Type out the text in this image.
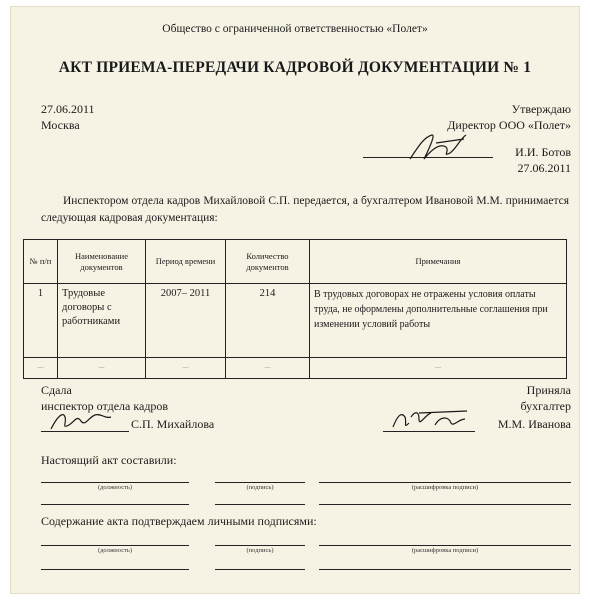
Общество с ограниченной ответственностью «Полет»
АКТ ПРИЕМА-ПЕРЕДАЧИ КАДРОВОЙ ДОКУМЕНТАЦИИ № 1
27.06.2011
Москва
Утверждаю
Директор ООО «Полет»
И.И. Ботов
27.06.2011
Инспектором отдела кадров Михайловой С.П. передается, а бухгалтером Ивановой М.М. принимается следующая кадровая документация:
№ п/п	Наименование документов	Период времени	Количество документов	Примечания
1	Трудовые договоры с работниками	2007– 2011	214	В трудовых договорах не отражены условия оплаты труда, не оформлены дополнительные соглашения при изменении условий работы
—	—	—	—	—
Сдала
инспектор отдела кадров
С.П. Михайлова
Приняла
бухгалтер
М.М. Иванова
Настоящий акт составили:
(должность)	(подпись)	(расшифровка подписи)
Содержание акта подтверждаем личными подписями:
(должность)	(подпись)	(расшифровка подписи)
